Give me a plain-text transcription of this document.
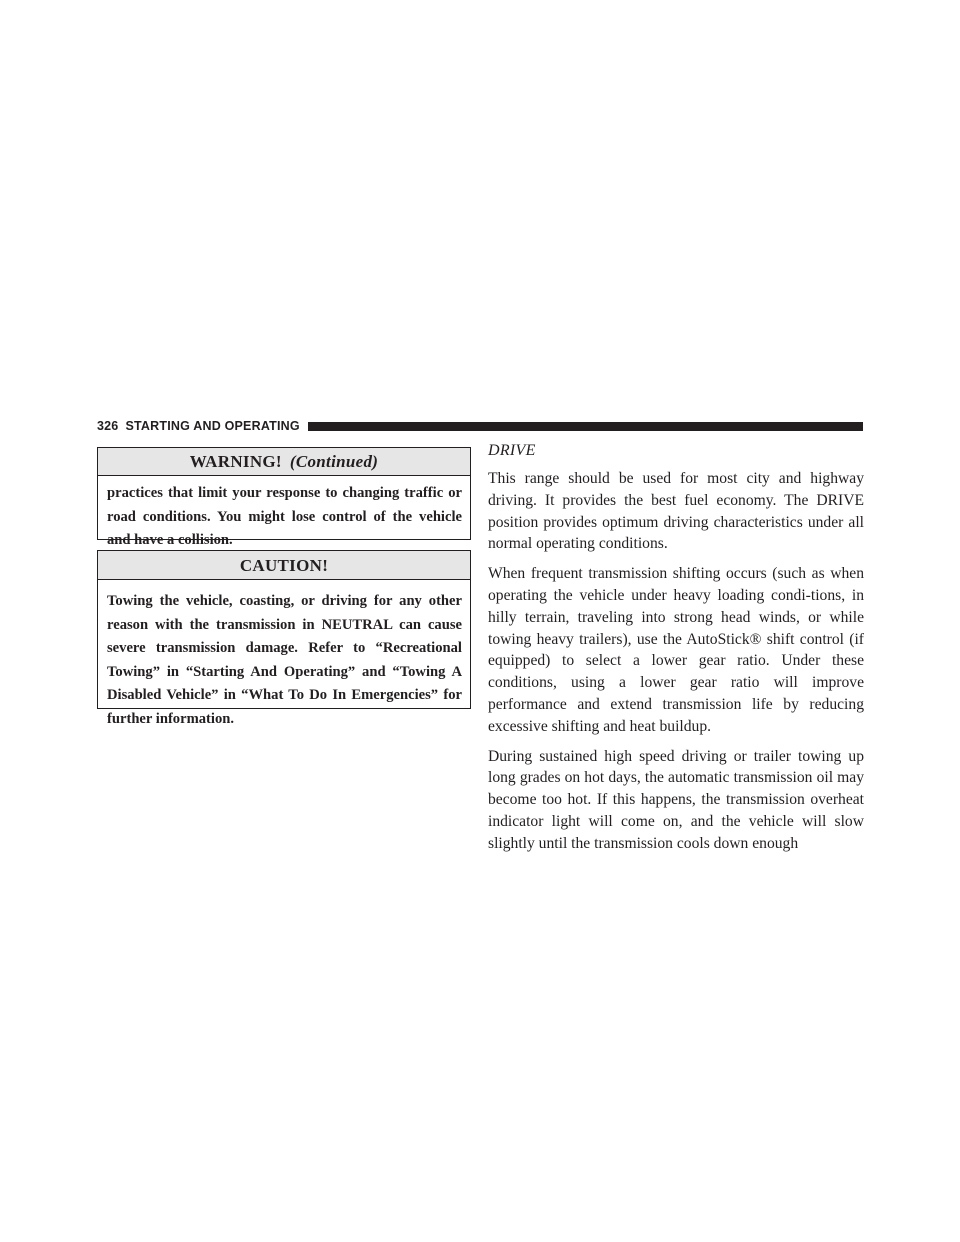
326 STARTING AND OPERATING
WARNING! (Continued)
practices that limit your response to changing traffic or road conditions. You might lose control of the vehicle and have a collision.
CAUTION!
Towing the vehicle, coasting, or driving for any other reason with the transmission in NEUTRAL can cause severe transmission damage. Refer to “Recreational Towing” in “Starting And Operating” and “Towing A Disabled Vehicle” in “What To Do In Emergencies” for further information.
DRIVE

This range should be used for most city and highway driving. It provides the best fuel economy. The DRIVE position provides optimum driving characteristics under all normal operating conditions.

When frequent transmission shifting occurs (such as when operating the vehicle under heavy loading condi-tions, in hilly terrain, traveling into strong head winds, or while towing heavy trailers), use the AutoStick® shift control (if equipped) to select a lower gear ratio. Under these conditions, using a lower gear ratio will improve performance and extend transmission life by reducing excessive shifting and heat buildup.

During sustained high speed driving or trailer towing up long grades on hot days, the automatic transmission oil may become too hot. If this happens, the transmission overheat indicator light will come on, and the vehicle will slow slightly until the transmission cools down enough
